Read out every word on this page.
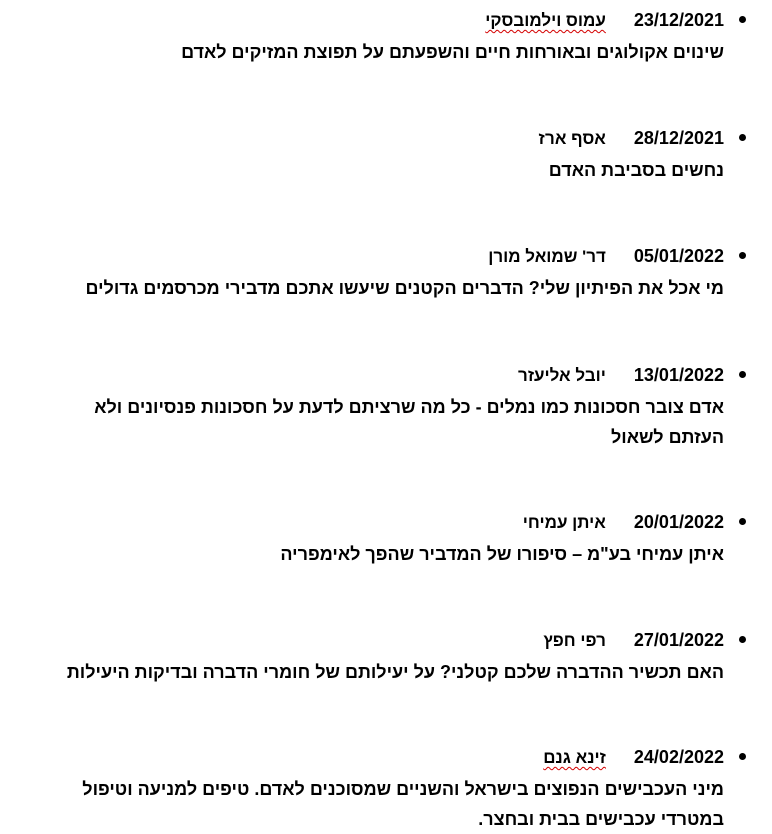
23/12/2021עמוס וילמובסקי
שינוים אקולוגים ובאורחות חיים והשפעתם על תפוצת המזיקים לאדם
28/12/2021אסף ארז
נחשים בסביבת האדם
05/01/2022דר' שמואל מורן
מי אכל את הפיתיון שלי? הדברים הקטנים שיעשו אתכם מדבירי מכרסמים גדולים
13/01/2022יובל אליעזר
אדם צובר חסכונות כמו נמלים - כל מה שרציתם לדעת על חסכונות פנסיונים ולא העזתם לשאול
20/01/2022איתן עמיחי
איתן עמיחי בע"מ – סיפורו של המדביר שהפך לאימפריה
27/01/2022רפי חפץ
האם תכשיר ההדברה שלכם קטלני? על יעילותם של חומרי הדברה ובדיקות היעילות
24/02/2022זינא גנם
מיני העכבישים הנפוצים בישראל והשניים שמסוכנים לאדם. טיפים למניעה וטיפול במטרדי עכבישים בבית ובחצר.
